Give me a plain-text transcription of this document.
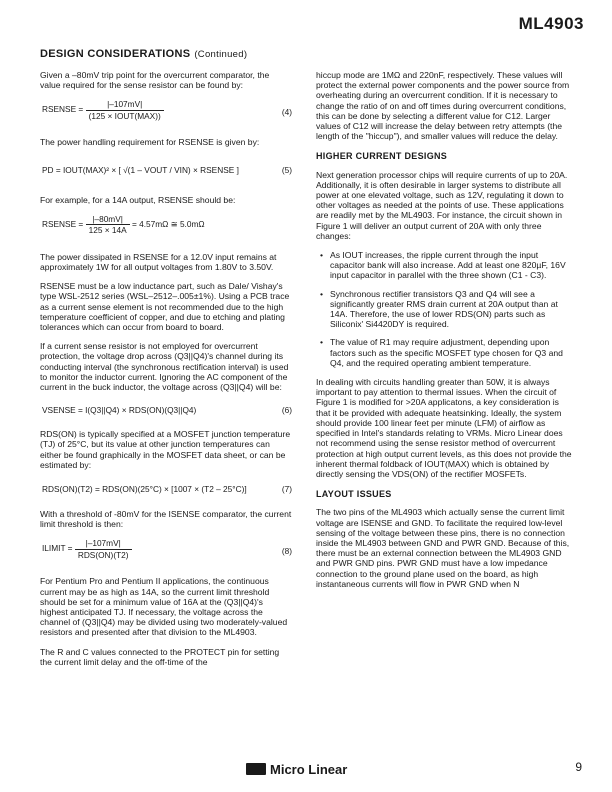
ML4903
DESIGN CONSIDERATIONS (Continued)

Given a –80mV trip point for the overcurrent comparator, the value required for the sense resistor can be found by:

RSENSE = $\frac{|-107mV|}{\text{(125 × IOUT(MAX))}}$	(4)

The power handling requirement for RSENSE is given by:

PD = IOUT(MAX)² × [ √(1 – VOUT / VIN) × RSENSE ]	(5)

For example, for a 14A output, RSENSE should be:

RSENSE = $\frac{|-80mV|}{125 \times 14A} = 4.57m\Omega$ ≅ 5.0mΩ

The power dissipated in RSENSE for a 12.0V input remains at approximately 1W for all output voltages from 1.80V to 3.50V.

RSENSE must be a low inductance part, such as Dale/ Vishay's type WSL-2512 series (WSL–2512–.005±1%). Using a PCB trace as a current sense element is not recommended due to the high temperature coefficient of copper, and due to etching and plating tolerances which can occur from board to board.

If a current sense resistor is not employed for overcurrent protection, the voltage drop across (Q3||Q4)'s channel during its conducting interval (the synchronous rectification interval) is used to monitor the inductor current. Ignoring the AC component of the current in the buck inductor, the voltage across (Q3||Q4) will be:

VSENSE = I(Q3||Q4) × RDS(ON)(Q3||Q4)	(6)

RDS(ON) is typically specified at a MOSFET junction temperature (TJ) of 25°C, but its value at other junction temperatures can either be found graphically in the MOSFET data sheet, or can be estimated by:

RDS(ON)(T2) = RDS(ON)(25°C) × [1007 × (T2 – 25°C)]	(7)

With a threshold of -80mV for the ISENSE comparator, the current limit threshold is then:

ILIMIT = $\frac{|-107mV|}{\text{RDS(ON)(T2)}}$	(8)

For Pentium Pro and Pentium II applications, the continuous current may be as high as 14A, so the current limit threshold should be set for a minimum value of 16A at the (Q3||Q4)'s highest anticipated TJ. If necessary, the voltage across the channel of (Q3||Q4) may be divided using two moderately-valued resistors and presented after that division to the ML4903.

The R and C values connected to the PROTECT pin for setting the current limit delay and the off-time of the

hiccup mode are 1MΩ and 220nF, respectively. These values will protect the external power components and the power source from overheating during an overcurrent condition. If it is necessary to change the ratio of on and off times during overcurrent conditions, this can be done by selecting a different value for C12. Larger values of C12 will increase the delay between retry attempts (the length of the "hiccup"), and smaller values will reduce the delay.

HIGHER CURRENT DESIGNS

Next generation processor chips will require currents of up to 20A. Additionally, it is often desirable in larger systems to distribute all power at one elevated voltage, such as 12V, regulating it down to other voltages as needed at the points of use. These applications are readily met by the ML4903. For instance, the circuit shown in Figure 1 will deliver an output current of 20A with only three changes:

• As IOUT increases, the ripple current through the input capacitor bank will also increase. Add at least one 820µF, 16V input capacitor in parallel with the three shown (C1 - C3).
• Synchronous rectifier transistors Q3 and Q4 will see a significantly greater RMS drain current at 20A output than at 14A. Therefore, the use of lower RDS(ON) parts such as Siliconix' Si4420DY is required.
• The value of R1 may require adjustment, depending upon factors such as the specific MOSFET type chosen for Q3 and Q4, and the required operating ambient temperature.

In dealing with circuits handling greater than 50W, it is always important to pay attention to thermal issues. When the circuit of Figure 1 is modified for >20A applicatons, a key consideration is that it be provided with adequate heatsinking. Ideally, the system should provide 100 linear feet per minute (LFM) of airflow as specified in Intel's standards relating to VRMs. Micro Linear does not recommend using the sense resistor method of overcurrent protection at high output current levels, as this does not provide the inherent thermal foldback of IOUT(MAX) which is obtained by directly sensing the VDS(ON) of the rectifier MOSFETs.

LAYOUT ISSUES

The two pins of the ML4903 which actually sense the current limit voltage are ISENSE and GND. To facilitate the required low-level sensing of the voltage between these pins, there is no connection inside the ML4903 between GND and PWR GND. Because of this, there must be an external connection between the ML4903 GND and PWR GND pins. PWR GND must have a low impedance connection to the ground plane used on the board, as high instantaneous currents will flow in PWR GND when N

Micro Linear	9
